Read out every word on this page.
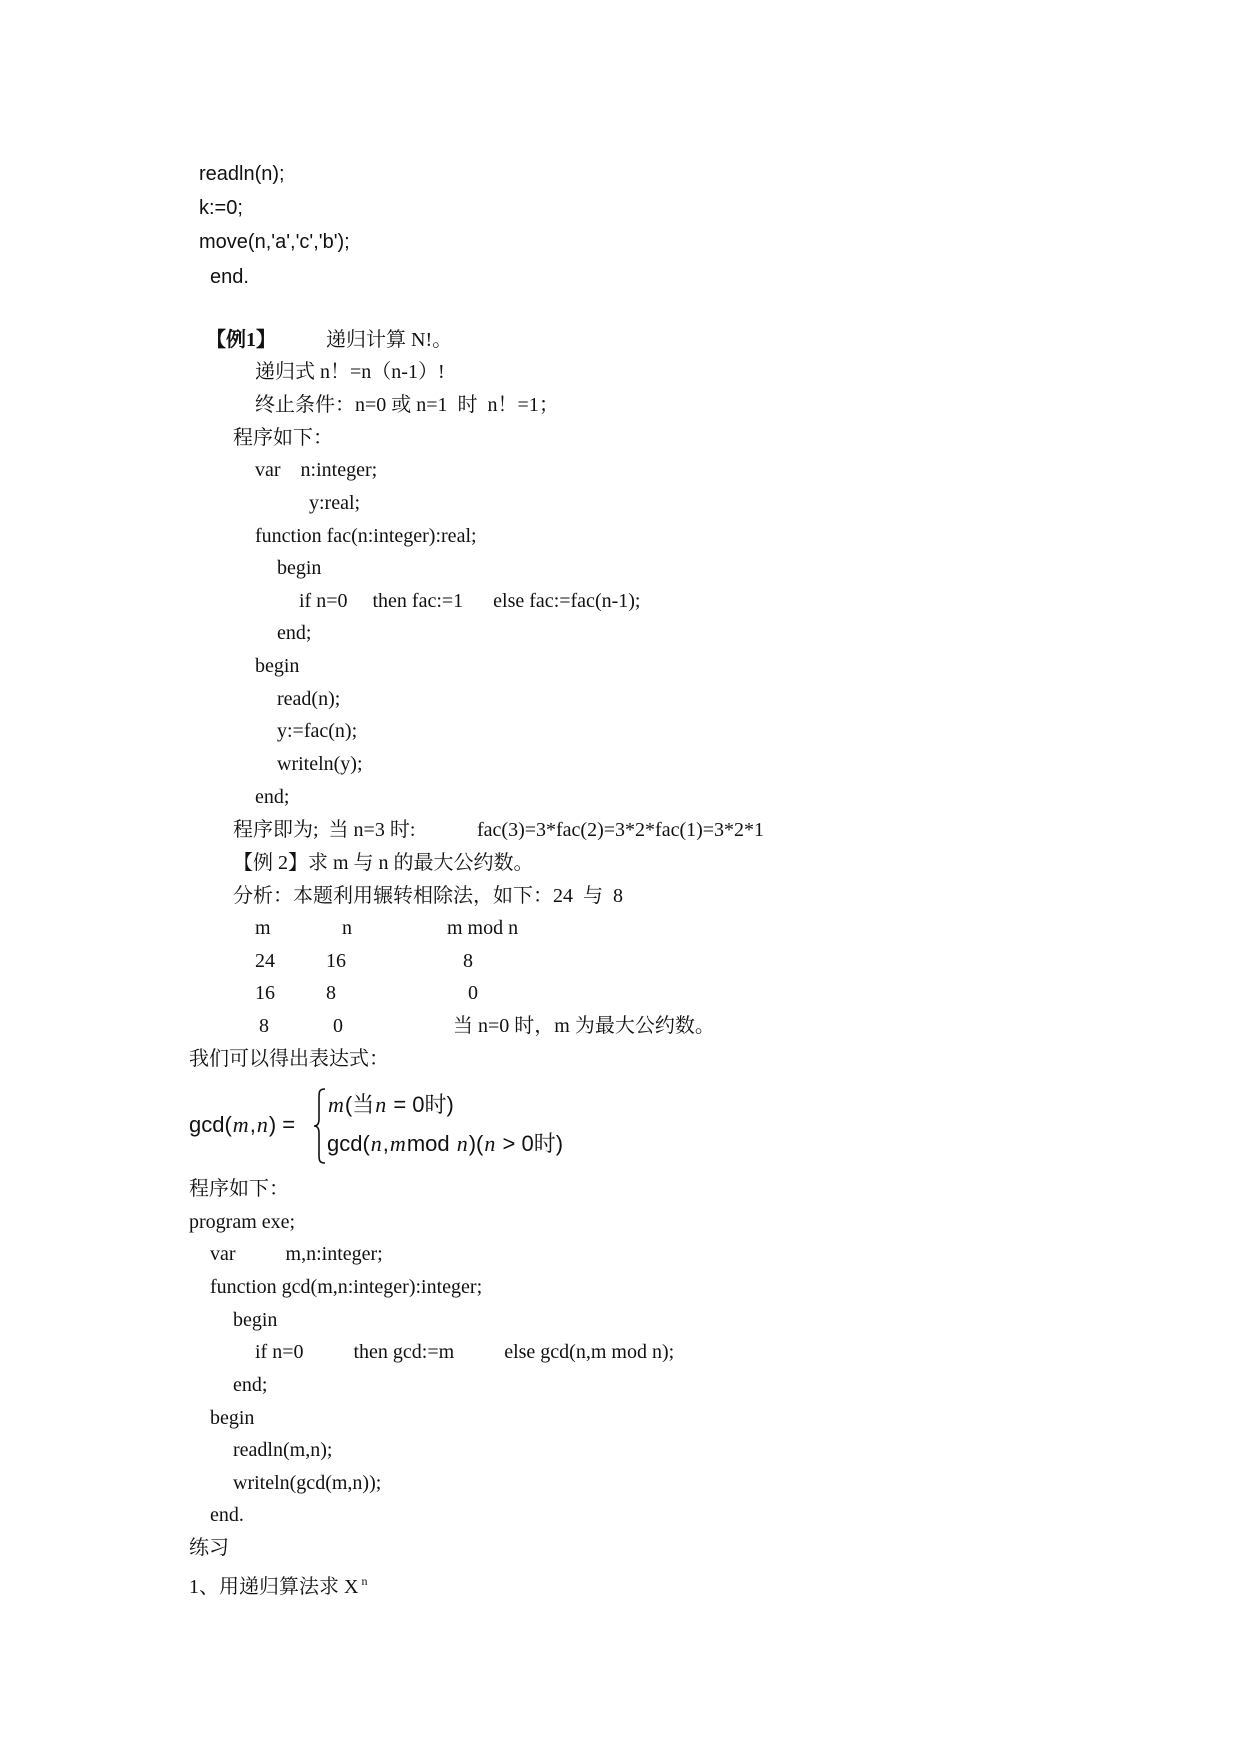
readln(n);
k:=0;
move(n,'a','c','b');
end.
【例1】	递归计算 N!。
递归式 n！=n（n-1）!
终止条件：n=0 或 n=1  时  n！=1；
程序如下：
var    n:integer;
y:real;
function fac(n:integer):real;
begin
if n=0     then fac:=1      else fac:=fac(n-1);
end;
begin
read(n);
y:=fac(n);
writeln(y);
end;
程序即为;  当 n=3 时:	fac(3)=3*fac(2)=3*2*fac(1)=3*2*1
【例 2】求 m 与 n 的最大公约数。
分析：本题利用辗转相除法，如下：24  与  8
m	n	m mod n
24	16	8
16	8	0
8	0	当 n=0 时，m 为最大公约数。
我们可以得出表达式：
gcd(m,n) =
m(当n = 0时)
gcd(n,mmod n)(n > 0时)
程序如下：
program exe;
var          m,n:integer;
function gcd(m,n:integer):integer;
begin
if n=0          then gcd:=m          else gcd(n,m mod n);
end;
begin
readln(m,n);
writeln(gcd(m,n));
end.
练习
1、用递归算法求 X $^n$
